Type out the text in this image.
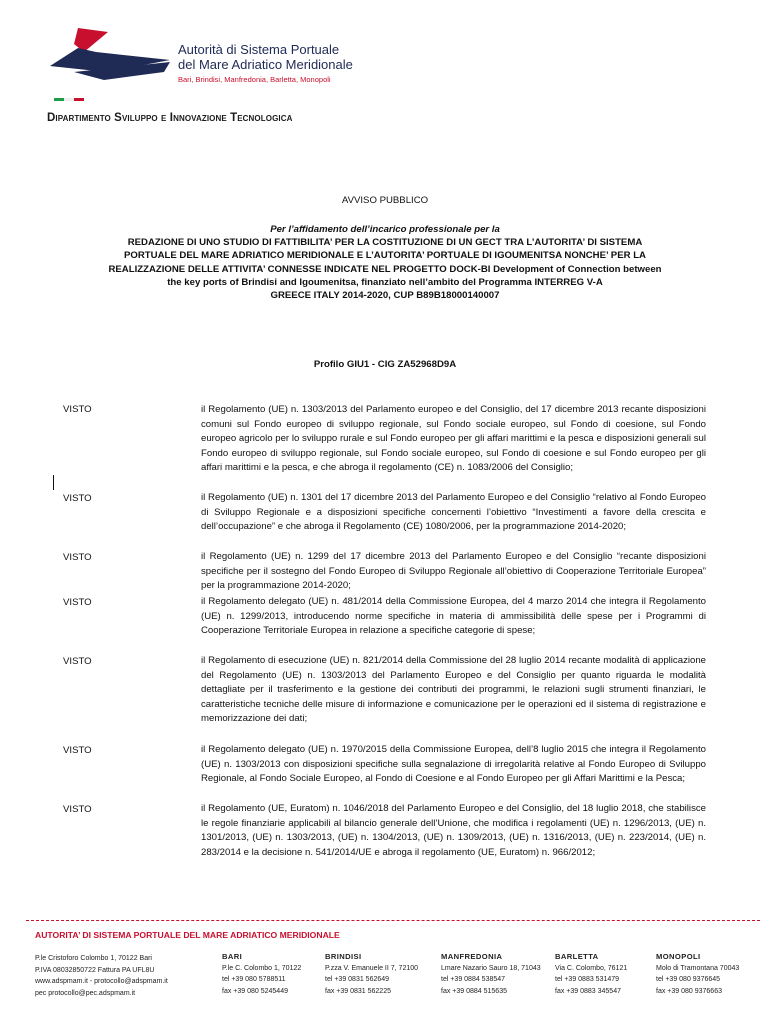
Autorità di Sistema Portuale
del Mare Adriatico Meridionale
Bari, Brindisi, Manfredonia, Barletta, Monopoli
Dipartimento Sviluppo e Innovazione Tecnologica
AVVISO PUBBLICO
Per l’affidamento dell’incarico professionale per la
REDAZIONE DI UNO STUDIO DI FATTIBILITA’ PER LA COSTITUZIONE DI UN GECT TRA L’AUTORITA’ DI SISTEMA
PORTUALE DEL MARE ADRIATICO MERIDIONALE E L’AUTORITA’ PORTUALE DI IGOUMENITSA NONCHE’ PER LA
REALIZZAZIONE DELLE ATTIVITA’ CONNESSE INDICATE NEL PROGETTO DOCK-BI Development of Connection between
the key ports of Brindisi and Igoumenitsa, finanziato nell’ambito del Programma INTERREG V-A
GREECE ITALY 2014-2020, CUP B89B18000140007
Profilo GIU1 - CIG ZA52968D9A
VISTO	il Regolamento (UE) n. 1303/2013 del Parlamento europeo e del Consiglio, del 17 dicembre 2013 recante disposizioni comuni sul Fondo europeo di sviluppo regionale, sul Fondo sociale europeo, sul Fondo di coesione, sul Fondo europeo agricolo per lo sviluppo rurale e sul Fondo europeo per gli affari marittimi e la pesca e disposizioni generali sul Fondo europeo di sviluppo regionale, sul Fondo sociale europeo, sul Fondo di coesione e sul Fondo europeo per gli affari marittimi e la pesca, e che abroga il regolamento (CE) n. 1083/2006 del Consiglio;
VISTO	il Regolamento (UE) n. 1301 del 17 dicembre 2013 del Parlamento Europeo e del Consiglio “relativo al Fondo Europeo di Sviluppo Regionale e a disposizioni specifiche concernenti l’obiettivo “Investimenti a favore della crescita e dell’occupazione” e che abroga il Regolamento (CE) 1080/2006, per la programmazione 2014-2020;
VISTO	il Regolamento (UE) n. 1299 del 17 dicembre 2013 del Parlamento Europeo e del Consiglio “recante disposizioni specifiche per il sostegno del Fondo Europeo di Sviluppo Regionale all’obiettivo di Cooperazione Territoriale Europea” per la programmazione 2014-2020;
VISTO	il Regolamento delegato (UE) n. 481/2014 della Commissione Europea, del 4 marzo 2014 che integra il Regolamento (UE) n. 1299/2013, introducendo norme specifiche in materia di ammissibilità delle spese per i Programmi di Cooperazione Territoriale Europea in relazione a specifiche categorie di spese;
VISTO	il Regolamento di esecuzione (UE) n. 821/2014 della Commissione del 28 luglio 2014 recante modalità di applicazione del Regolamento (UE) n. 1303/2013 del Parlamento Europeo e del Consiglio per quanto riguarda le modalità dettagliate per il trasferimento e la gestione dei contributi dei programmi, le relazioni sugli strumenti finanziari, le caratteristiche tecniche delle misure di informazione e comunicazione per le operazioni ed il sistema di registrazione e memorizzazione dei dati;
VISTO	il Regolamento delegato (UE) n. 1970/2015 della Commissione Europea, dell’8 luglio 2015 che integra il Regolamento (UE) n. 1303/2013 con disposizioni specifiche sulla segnalazione di irregolarità relative al Fondo Europeo di Sviluppo Regionale, al Fondo Sociale Europeo, al Fondo di Coesione e al Fondo Europeo per gli Affari Marittimi e la Pesca;
VISTO	il Regolamento (UE, Euratom) n. 1046/2018 del Parlamento Europeo e del Consiglio, del 18 luglio 2018, che stabilisce le regole finanziarie applicabili al bilancio generale dell’Unione, che modifica i regolamenti (UE) n. 1296/2013, (UE) n. 1301/2013, (UE) n. 1303/2013, (UE) n. 1304/2013, (UE) n. 1309/2013, (UE) n. 1316/2013, (UE) n. 223/2014, (UE) n. 283/2014 e la decisione n. 541/2014/UE e abroga il regolamento (UE, Euratom) n. 966/2012;
AUTORITA’ DI SISTEMA PORTUALE DEL MARE ADRIATICO MERIDIONALE
P.le Cristoforo Colombo 1, 70122 Bari
P.IVA 08032850722 Fattura PA UFL8U
www.adspmam.it - protocollo@adspmam.it
pec protocollo@pec.adspmam.it
BARI
P.le C. Colombo 1, 70122
tel +39 080 5788511
fax +39 080 5245449
BRINDISI
P.zza V. Emanuele II 7, 72100
tel +39 0831 562649
fax +39 0831 562225
MANFREDONIA
Lmare Nazario Sauro 18, 71043
tel +39 0884 538547
fax +39 0884 515635
BARLETTA
Via C. Colombo, 76121
tel +39 0883 531479
fax +39 0883 345547
MONOPOLI
Molo di Tramontana 70043
tel +39 080 9376645
fax +39 080 9376663
